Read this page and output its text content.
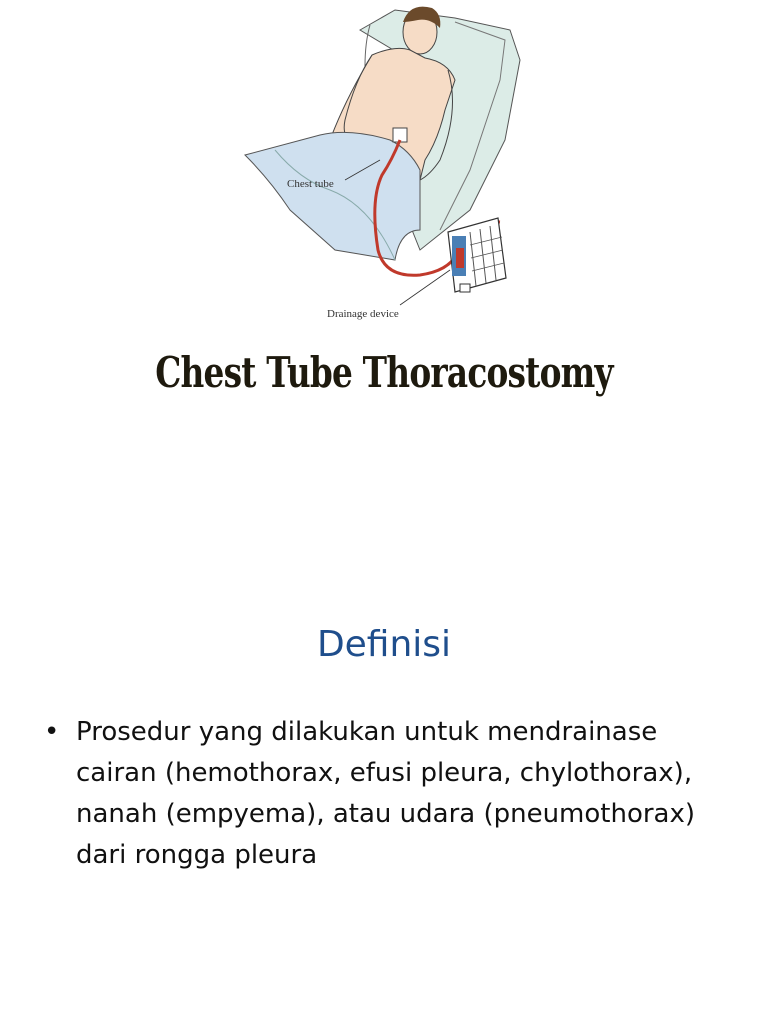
Chest tube
Drainage device
Chest Tube Thoracostomy
Definisi
• Prosedur yang dilakukan untuk mendrainase cairan (hemothorax, efusi pleura, chylothorax), nanah (empyema), atau udara (pneumothorax) dari rongga pleura
